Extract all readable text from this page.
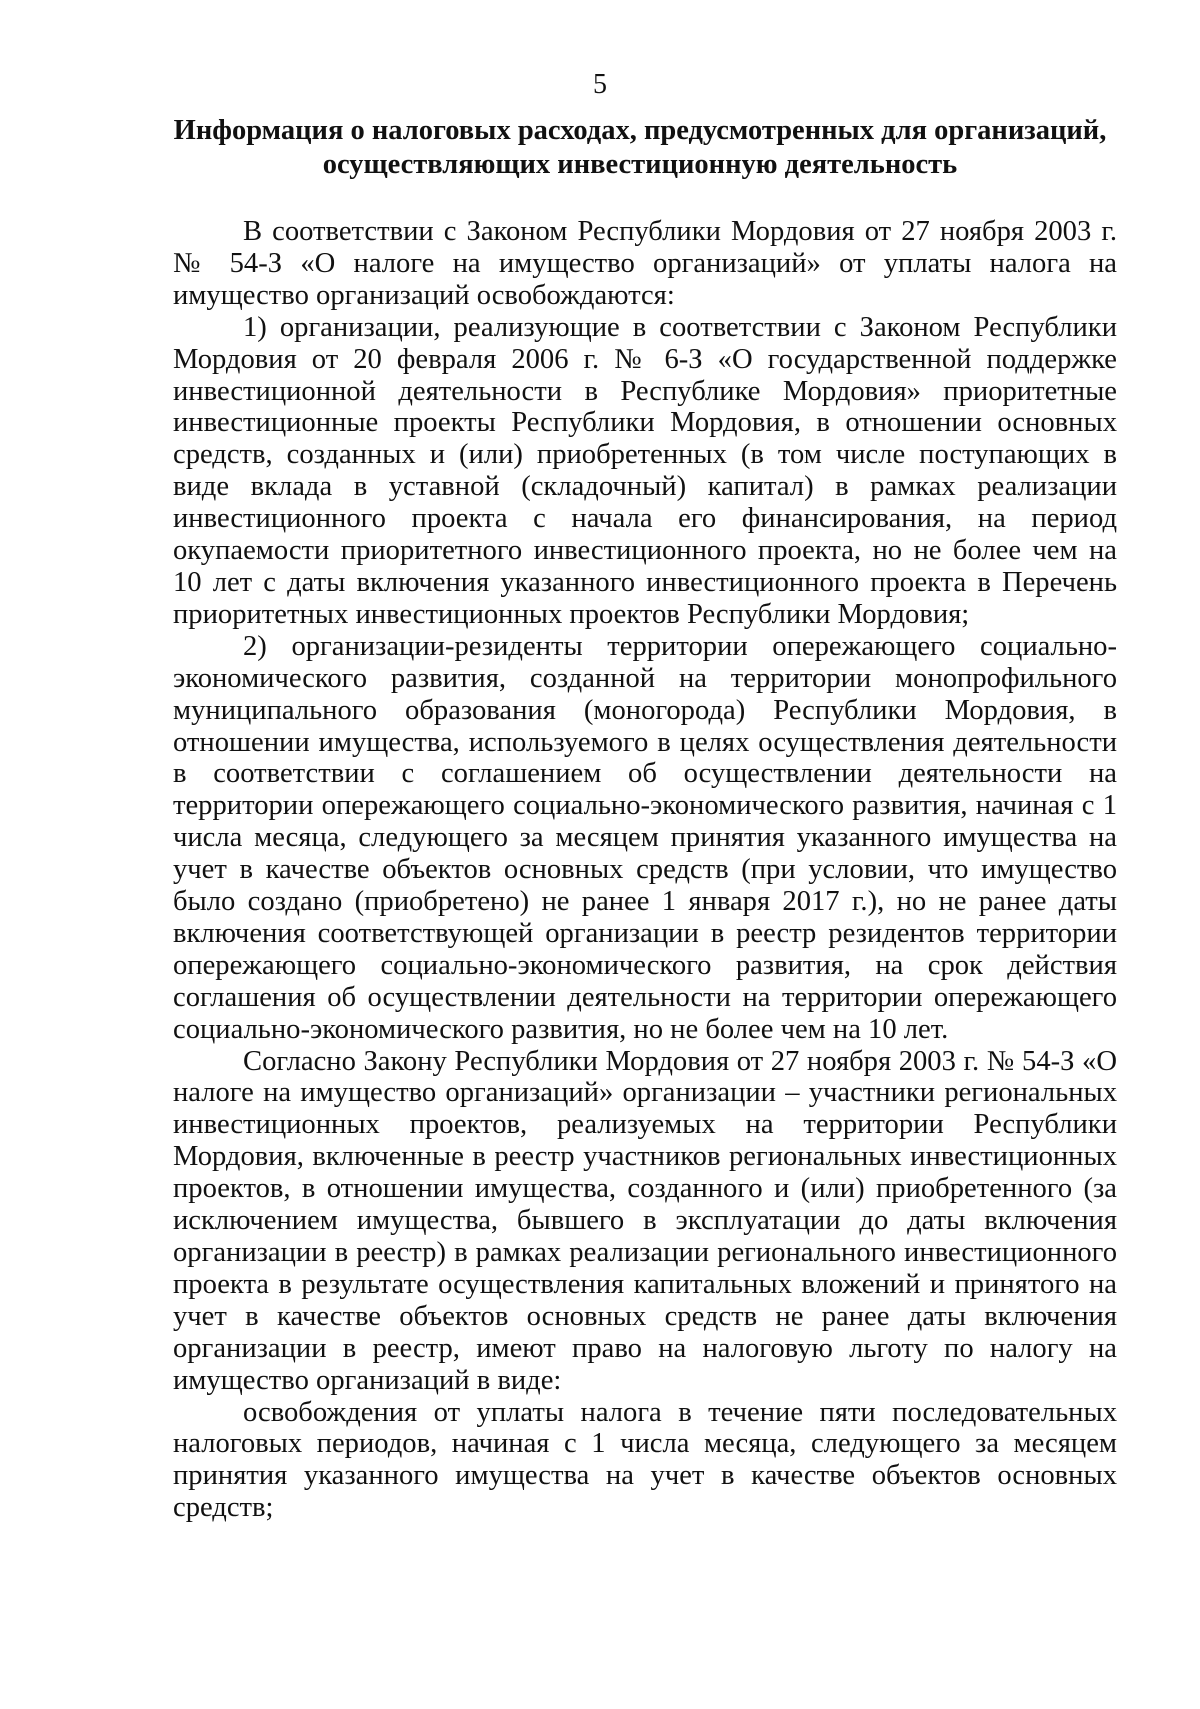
5
Информация о налоговых расходах, предусмотренных для организаций,
осуществляющих инвестиционную деятельность

В соответствии с Законом Республики Мордовия от 27 ноября 2003 г. № 54-З «О налоге на имущество организаций» от уплаты налога на имущество организаций освобождаются:

1) организации, реализующие в соответствии с Законом Республики Мордовия от 20 февраля 2006 г. № 6-З «О государственной поддержке инвестиционной деятельности в Республике Мордовия» приоритетные инвестиционные проекты Республики Мордовия, в отношении основных средств, созданных и (или) приобретенных (в том числе поступающих в виде вклада в уставной (складочный) капитал) в рамках реализации инвестиционного проекта с начала его финансирования, на период окупаемости приоритетного инвестиционного проекта, но не более чем на 10 лет с даты включения указанного инвестиционного проекта в Перечень приоритетных инвестиционных проектов Республики Мордовия;

2) организации-резиденты территории опережающего социально-экономического развития, созданной на территории монопрофильного муниципального образования (моногорода) Республики Мордовия, в отношении имущества, используемого в целях осуществления деятельности в соответствии с соглашением об осуществлении деятельности на территории опережающего социально-экономического развития, начиная с 1 числа месяца, следующего за месяцем принятия указанного имущества на учет в качестве объектов основных средств (при условии, что имущество было создано (приобретено) не ранее 1 января 2017 г.), но не ранее даты включения соответствующей организации в реестр резидентов территории опережающего социально-экономического развития, на срок действия соглашения об осуществлении деятельности на территории опережающего социально-экономического развития, но не более чем на 10 лет.

Согласно Закону Республики Мордовия от 27 ноября 2003 г. № 54-З «О налоге на имущество организаций» организации – участники региональных инвестиционных проектов, реализуемых на территории Республики Мордовия, включенные в реестр участников региональных инвестиционных проектов, в отношении имущества, созданного и (или) приобретенного (за исключением имущества, бывшего в эксплуатации до даты включения организации в реестр) в рамках реализации регионального инвестиционного проекта в результате осуществления капитальных вложений и принятого на учет в качестве объектов основных средств не ранее даты включения организации в реестр, имеют право на налоговую льготу по налогу на имущество организаций в виде:

освобождения от уплаты налога в течение пяти последовательных налоговых периодов, начиная с 1 числа месяца, следующего за месяцем принятия указанного имущества на учет в качестве объектов основных средств;
